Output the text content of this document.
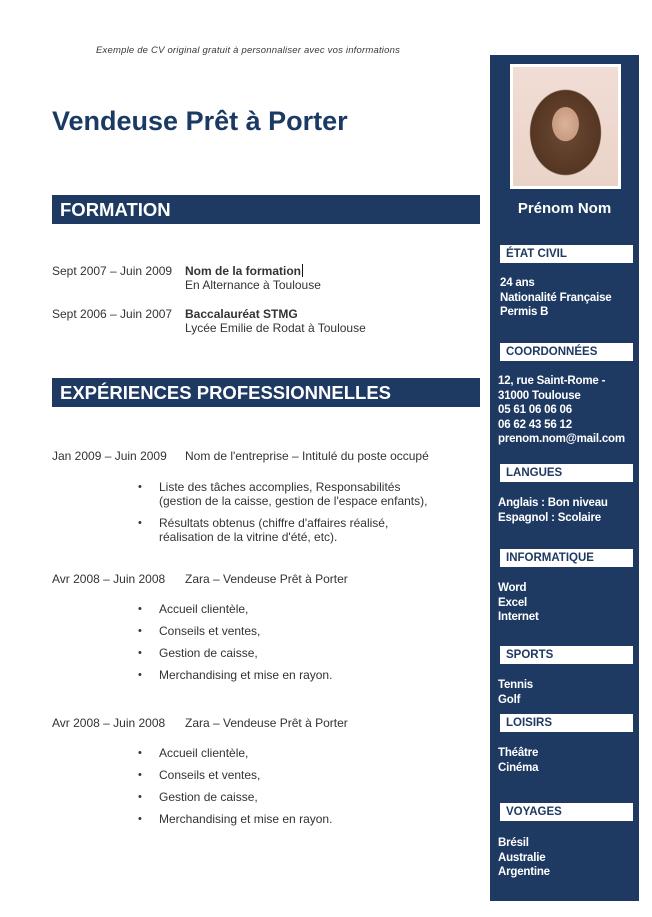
Exemple de CV original gratuit à personnaliser avec vos informations
Vendeuse Prêt à Porter
FORMATION
Sept 2007 – Juin 2009	Nom de la formation
En Alternance à Toulouse
Sept 2006 – Juin 2007	Baccalauréat STMG
Lycée Emilie de Rodat à Toulouse
EXPÉRIENCES PROFESSIONNELLES
Jan 2009 – Juin 2009	Nom de l'entreprise – Intitulé du poste occupé
• Liste des tâches accomplies, Responsabilités (gestion de la caisse, gestion de l'espace enfants),
• Résultats obtenus (chiffre d'affaires réalisé, réalisation de la vitrine d'été, etc).
Avr 2008 – Juin 2008	Zara – Vendeuse Prêt à Porter
• Accueil clientèle,
• Conseils et ventes,
• Gestion de caisse,
• Merchandising et mise en rayon.
Avr 2008 – Juin 2008	Zara – Vendeuse Prêt à Porter
• Accueil clientèle,
• Conseils et ventes,
• Gestion de caisse,
• Merchandising et mise en rayon.
Prénom Nom
ÉTAT CIVIL
24 ans
Nationalité Française
Permis B
COORDONNÉES
12, rue Saint-Rome -
31000 Toulouse
05 61 06 06 06
06 62 43 56 12
prenom.nom@mail.com
LANGUES
Anglais : Bon niveau
Espagnol : Scolaire
INFORMATIQUE
Word
Excel
Internet
SPORTS
Tennis
Golf
LOISIRS
Théâtre
Cinéma
VOYAGES
Brésil
Australie
Argentine
